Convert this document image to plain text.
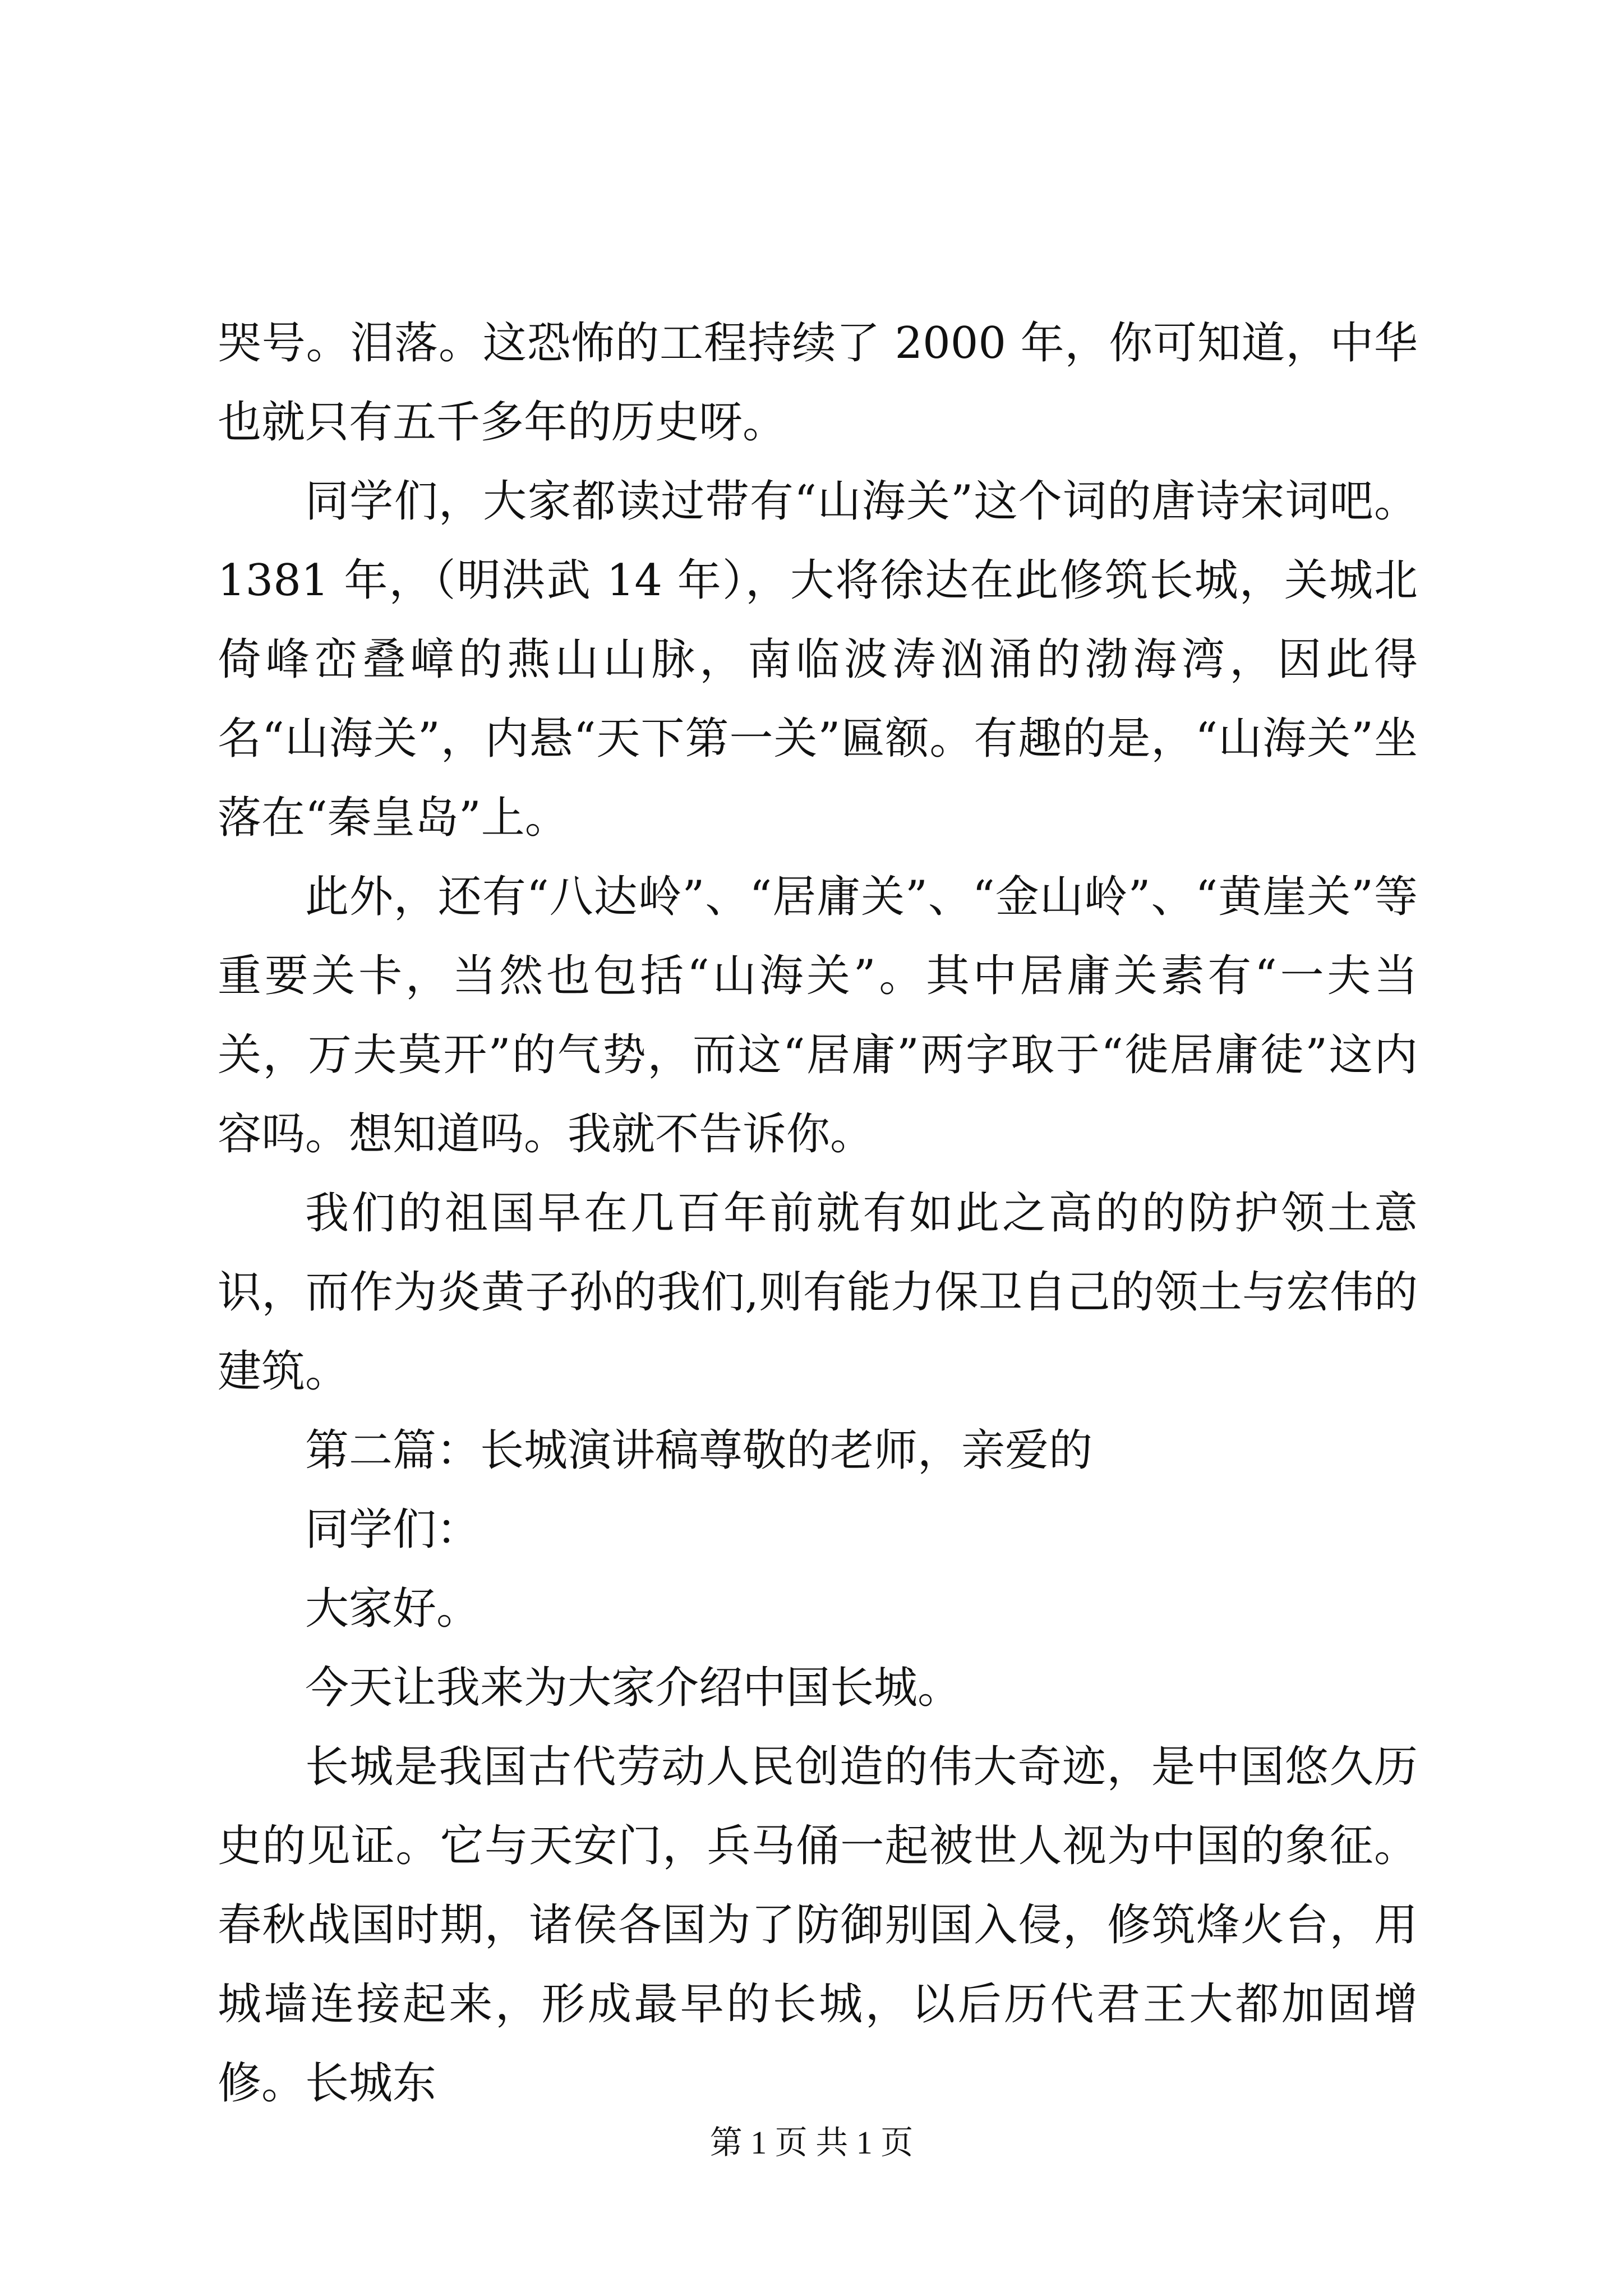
哭号。泪落。这恐怖的工程持续了 2000 年，你可知道，中华也就只有五千多年的历史呀。

同学们，大家都读过带有“山海关”这个词的唐诗宋词吧。1381 年，（明洪武 14 年），大将徐达在此修筑长城，关城北倚峰峦叠嶂的燕山山脉，南临波涛汹涌的渤海湾，因此得名“山海关”，内悬“天下第一关”匾额。有趣的是，“山海关”坐落在“秦皇岛”上。

此外，还有“八达岭”、“居庸关”、“金山岭”、“黄崖关”等重要关卡，当然也包括“山海关”。其中居庸关素有“一夫当关，万夫莫开”的气势，而这“居庸”两字取于“徙居庸徒”这内容吗。想知道吗。我就不告诉你。

我们的祖国早在几百年前就有如此之高的的防护领土意识，而作为炎黄子孙的我们,则有能力保卫自己的领土与宏伟的建筑。

第二篇：长城演讲稿尊敬的老师，亲爱的

同学们：

大家好。

今天让我来为大家介绍中国长城。

长城是我国古代劳动人民创造的伟大奇迹，是中国悠久历史的见证。它与天安门，兵马俑一起被世人视为中国的象征。春秋战国时期，诸侯各国为了防御别国入侵，修筑烽火台，用城墙连接起来，形成最早的长城，以后历代君王大都加固增修。长城东

第 1 页 共 1 页
